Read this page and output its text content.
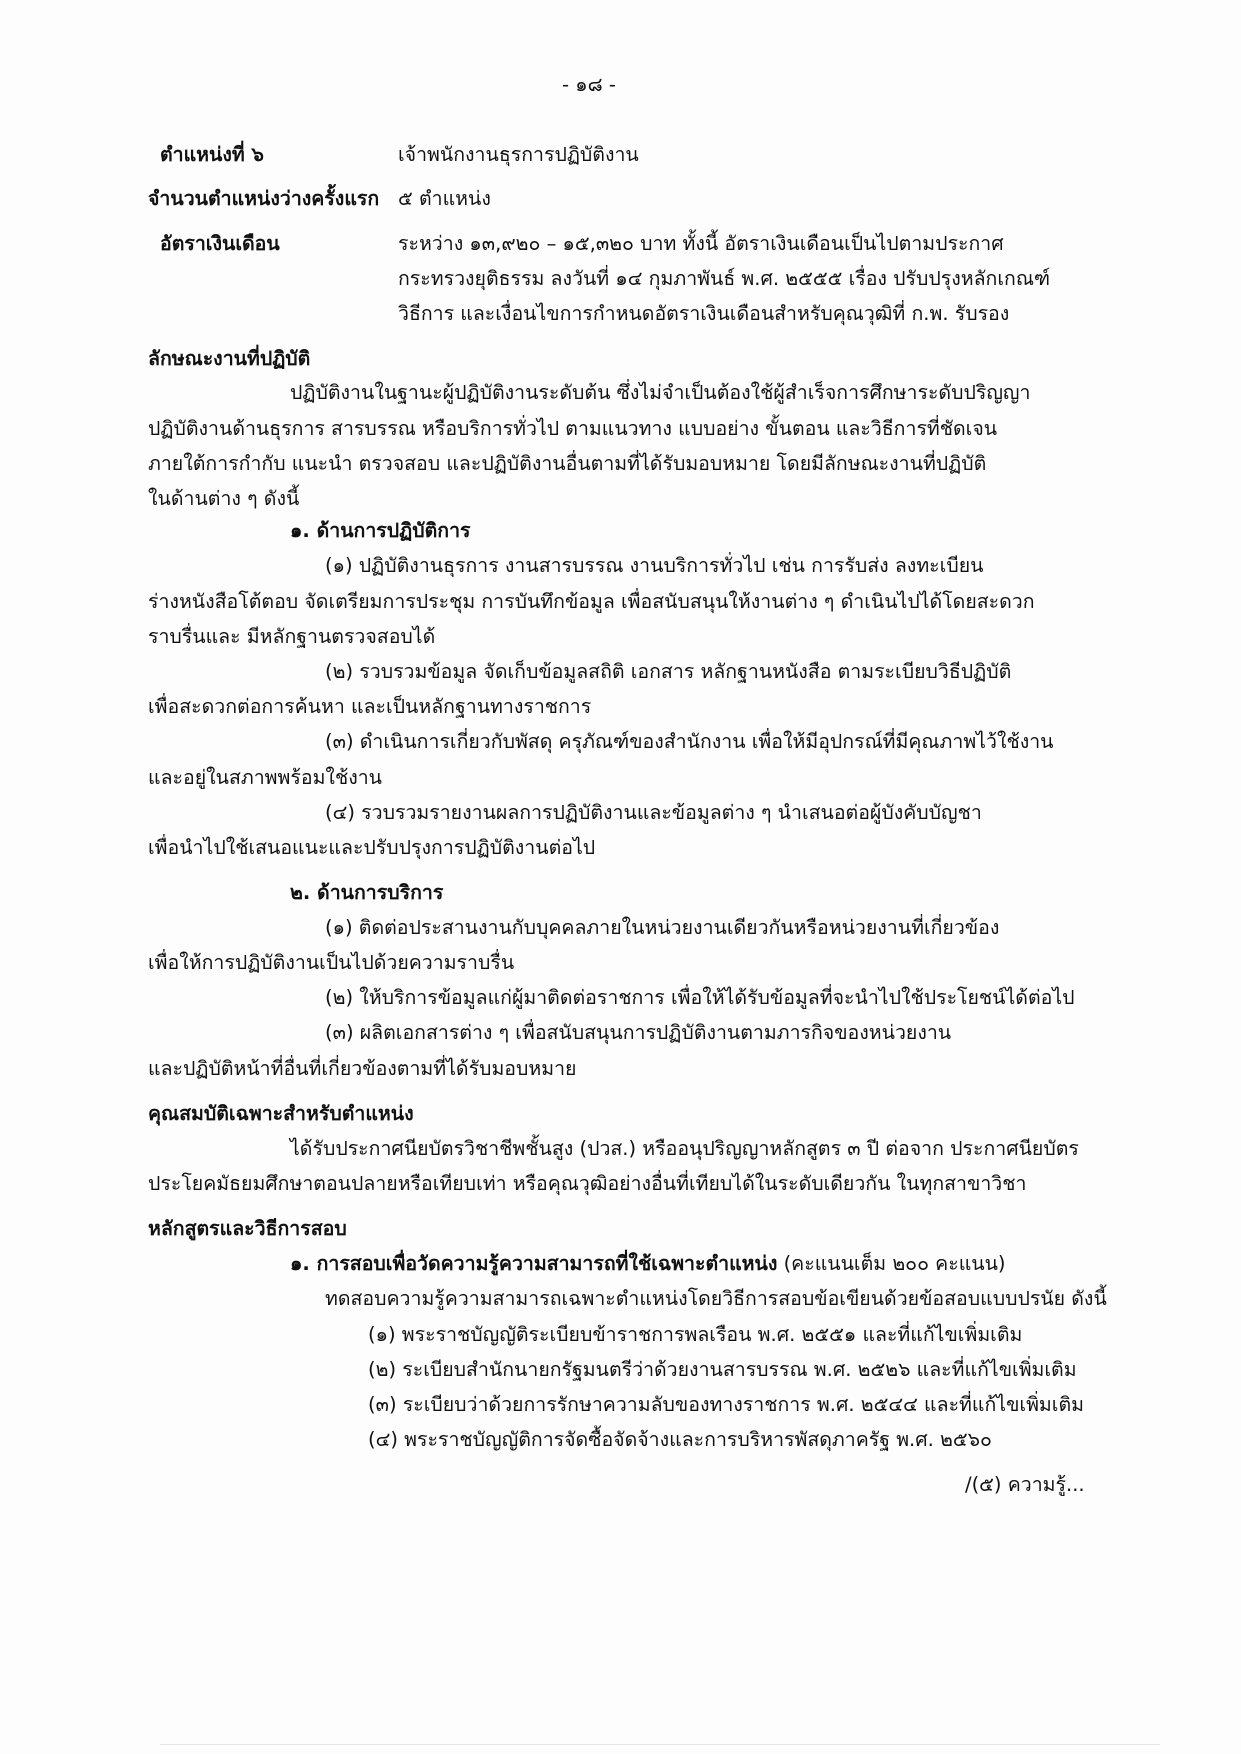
- ๑๘ -
ตำแหน่งที่ ๖	เจ้าพนักงานธุรการปฏิบัติงาน
จำนวนตำแหน่งว่างครั้งแรก ๕ ตำแหน่ง
อัตราเงินเดือน	ระหว่าง ๑๓,๙๒๐ – ๑๕,๓๒๐ บาท ทั้งนี้ อัตราเงินเดือนเป็นไปตามประกาศ
กระทรวงยุติธรรม ลงวันที่ ๑๔ กุมภาพันธ์ พ.ศ. ๒๕๕๕ เรื่อง ปรับปรุงหลักเกณฑ์
วิธีการ และเงื่อนไขการกำหนดอัตราเงินเดือนสำหรับคุณวุฒิที่ ก.พ. รับรอง
ลักษณะงานที่ปฏิบัติ
ปฏิบัติงานในฐานะผู้ปฏิบัติงานระดับต้น ซึ่งไม่จำเป็นต้องใช้ผู้สำเร็จการศึกษาระดับปริญญา
ปฏิบัติงานด้านธุรการ สารบรรณ หรือบริการทั่วไป ตามแนวทาง แบบอย่าง ขั้นตอน และวิธีการที่ชัดเจน
ภายใต้การกำกับ แนะนำ ตรวจสอบ และปฏิบัติงานอื่นตามที่ได้รับมอบหมาย โดยมีลักษณะงานที่ปฏิบัติ
ในด้านต่าง ๆ ดังนี้
๑. ด้านการปฏิบัติการ
(๑) ปฏิบัติงานธุรการ งานสารบรรณ งานบริการทั่วไป เช่น การรับส่ง ลงทะเบียน
ร่างหนังสือโต้ตอบ จัดเตรียมการประชุม การบันทึกข้อมูล เพื่อสนับสนุนให้งานต่าง ๆ ดำเนินไปได้โดยสะดวก
ราบรื่นและ มีหลักฐานตรวจสอบได้
(๒) รวบรวมข้อมูล จัดเก็บข้อมูลสถิติ เอกสาร หลักฐานหนังสือ ตามระเบียบวิธีปฏิบัติ
เพื่อสะดวกต่อการค้นหา และเป็นหลักฐานทางราชการ
(๓) ดำเนินการเกี่ยวกับพัสดุ ครุภัณฑ์ของสำนักงาน เพื่อให้มีอุปกรณ์ที่มีคุณภาพไว้ใช้งาน
และอยู่ในสภาพพร้อมใช้งาน
(๔) รวบรวมรายงานผลการปฏิบัติงานและข้อมูลต่าง ๆ นำเสนอต่อผู้บังคับบัญชา
เพื่อนำไปใช้เสนอแนะและปรับปรุงการปฏิบัติงานต่อไป
๒. ด้านการบริการ
(๑) ติดต่อประสานงานกับบุคคลภายในหน่วยงานเดียวกันหรือหน่วยงานที่เกี่ยวข้อง
เพื่อให้การปฏิบัติงานเป็นไปด้วยความราบรื่น
(๒) ให้บริการข้อมูลแก่ผู้มาติดต่อราชการ เพื่อให้ได้รับข้อมูลที่จะนำไปใช้ประโยชน์ได้ต่อไป
(๓) ผลิตเอกสารต่าง ๆ เพื่อสนับสนุนการปฏิบัติงานตามภารกิจของหน่วยงาน
และปฏิบัติหน้าที่อื่นที่เกี่ยวข้องตามที่ได้รับมอบหมาย
คุณสมบัติเฉพาะสำหรับตำแหน่ง
ได้รับประกาศนียบัตรวิชาชีพชั้นสูง (ปวส.) หรืออนุปริญญาหลักสูตร ๓ ปี ต่อจาก ประกาศนียบัตร
ประโยคมัธยมศึกษาตอนปลายหรือเทียบเท่า หรือคุณวุฒิอย่างอื่นที่เทียบได้ในระดับเดียวกัน ในทุกสาขาวิชา
หลักสูตรและวิธีการสอบ
๑. การสอบเพื่อวัดความรู้ความสามารถที่ใช้เฉพาะตำแหน่ง (คะแนนเต็ม ๒๐๐ คะแนน)
ทดสอบความรู้ความสามารถเฉพาะตำแหน่งโดยวิธีการสอบข้อเขียนด้วยข้อสอบแบบปรนัย ดังนี้
(๑) พระราชบัญญัติระเบียบข้าราชการพลเรือน พ.ศ. ๒๕๕๑ และที่แก้ไขเพิ่มเติม
(๒) ระเบียบสำนักนายกรัฐมนตรีว่าด้วยงานสารบรรณ พ.ศ. ๒๕๒๖ และที่แก้ไขเพิ่มเติม
(๓) ระเบียบว่าด้วยการรักษาความลับของทางราชการ พ.ศ. ๒๕๔๔ และที่แก้ไขเพิ่มเติม
(๔) พระราชบัญญัติการจัดซื้อจัดจ้างและการบริหารพัสดุภาครัฐ พ.ศ. ๒๕๖๐
/(๕) ความรู้...
